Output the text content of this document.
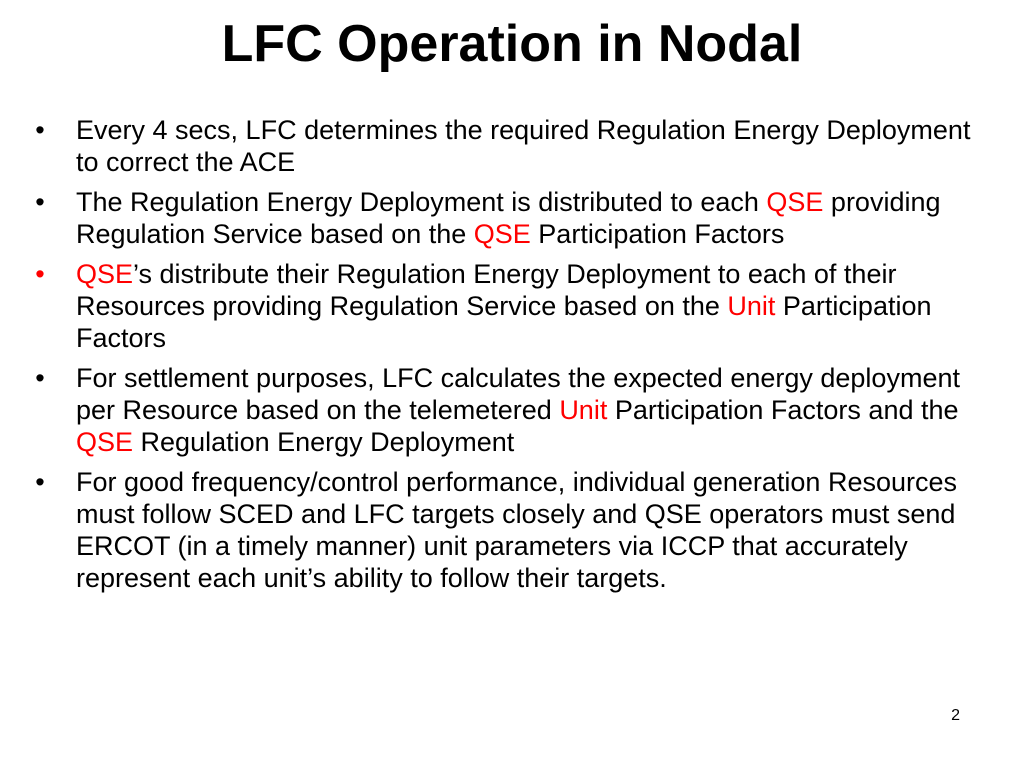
LFC Operation in Nodal
• Every 4 secs, LFC determines the required Regulation Energy Deployment to correct the ACE
• The Regulation Energy Deployment is distributed to each QSE providing Regulation Service based on the QSE Participation Factors
• QSE’s distribute their Regulation Energy Deployment to each of their Resources providing Regulation Service based on the Unit Participation Factors
• For settlement purposes, LFC calculates the expected energy deployment per Resource based on the telemetered Unit Participation Factors and the QSE Regulation Energy Deployment
• For good frequency/control performance, individual generation Resources must follow SCED and LFC targets closely and QSE operators must send ERCOT (in a timely manner) unit parameters via ICCP that accurately represent each unit’s ability to follow their targets.
2
